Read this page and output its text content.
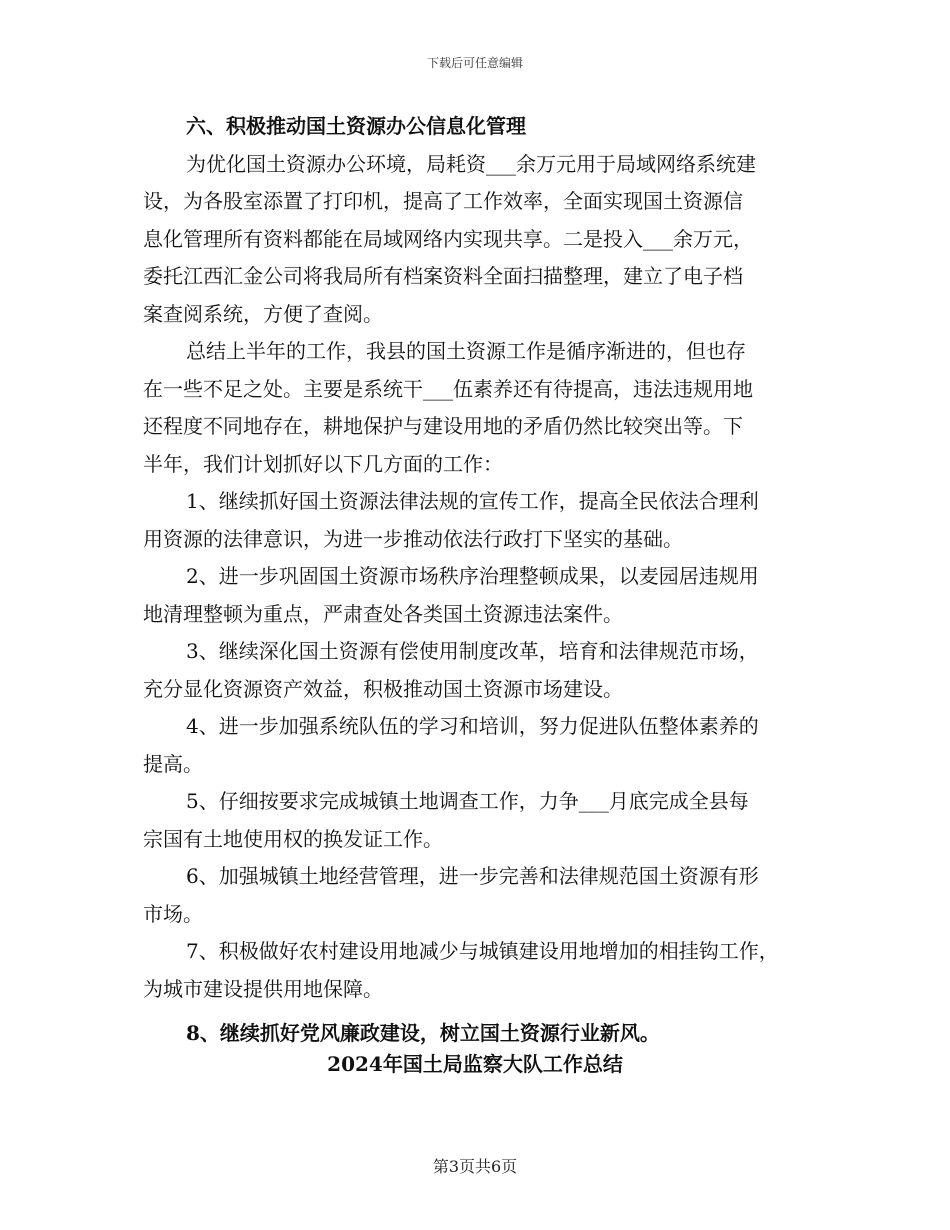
下载后可任意编辑
六、积极推动国土资源办公信息化管理
为优化国土资源办公环境，局耗资___余万元用于局域网络系统建
设，为各股室添置了打印机，提高了工作效率，全面实现国土资源信
息化管理所有资料都能在局域网络内实现共享。二是投入___余万元，
委托江西汇金公司将我局所有档案资料全面扫描整理，建立了电子档
案查阅系统，方便了查阅。
总结上半年的工作，我县的国土资源工作是循序渐进的，但也存
在一些不足之处。主要是系统干___伍素养还有待提高，违法违规用地
还程度不同地存在，耕地保护与建设用地的矛盾仍然比较突出等。下
半年，我们计划抓好以下几方面的工作：
1、继续抓好国土资源法律法规的宣传工作，提高全民依法合理利
用资源的法律意识，为进一步推动依法行政打下坚实的基础。
2、进一步巩固国土资源市场秩序治理整顿成果，以麦园居违规用
地清理整顿为重点，严肃查处各类国土资源违法案件。
3、继续深化国土资源有偿使用制度改革，培育和法律规范市场，
充分显化资源资产效益，积极推动国土资源市场建设。
4、进一步加强系统队伍的学习和培训，努力促进队伍整体素养的
提高。
5、仔细按要求完成城镇土地调查工作，力争___月底完成全县每
宗国有土地使用权的换发证工作。
6、加强城镇土地经营管理，进一步完善和法律规范国土资源有形
市场。
7、积极做好农村建设用地减少与城镇建设用地增加的相挂钩工作，
为城市建设提供用地保障。
8、继续抓好党风廉政建设，树立国土资源行业新风。
2024年国土局监察大队工作总结
第3页共6页
